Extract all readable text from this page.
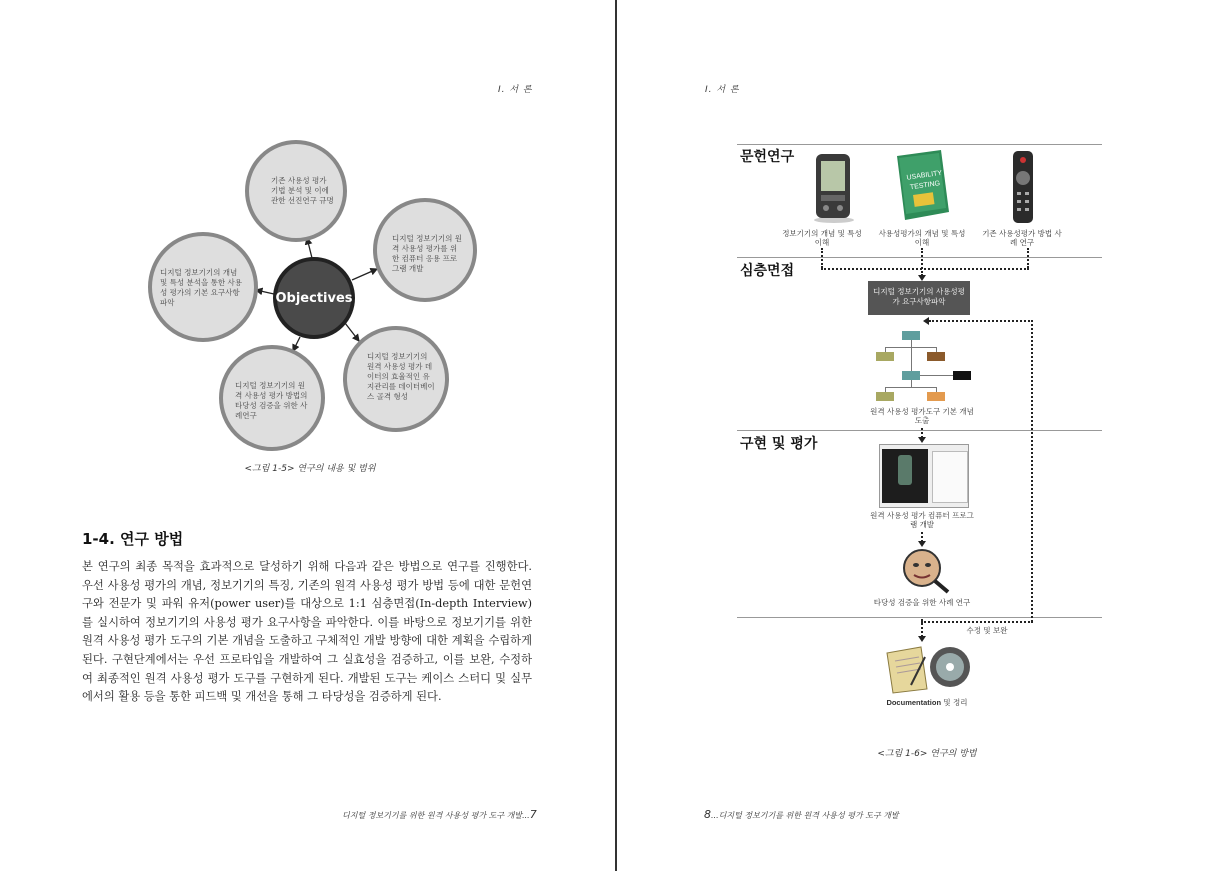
I. 서 론
기존 사용성 평가 기법 분석 및 이에 관한 선진연구 규명
디지털 정보기기의 원격 사용성 평가를 위한 컴퓨터 응용 프로그램 개발
디지털 정보기기의 원격 사용성 평가 데이터의 효율적인 유지관리를 데이터베이스 골격 형성
디지털 정보기기의 원격 사용성 평가 방법의 타당성 검증을 위한 사례연구
디지털 정보기기의 개념 및 특성 분석을 통한 사용성 평가의 기본 요구사항 파악	Objectives
<그림 1-5> 연구의 내용 및 범위
1-4. 연구 방법
본 연구의 최종 목적을 효과적으로 달성하기 위해 다음과 같은 방법으로 연구를 진행한다. 우선 사용성 평가의 개념, 정보기기의 특징, 기존의 원격 사용성 평가 방법 등에 대한 문헌연구와 전문가 및 파워 유저(power user)를 대상으로 1:1 심층면접(In-depth Interview)를 실시하여 정보기기의 사용성 평가 요구사항을 파악한다. 이를 바탕으로 정보기기를 위한 원격 사용성 평가 도구의 기본 개념을 도출하고 구체적인 개발 방향에 대한 계획을 수립하게 된다. 구현단계에서는 우선 프로타입을 개발하여 그 실효성을 검증하고, 이를 보완, 수정하여 최종적인 원격 사용성 평가 도구를 구현하게 된다. 개발된 도구는 케이스 스터디 및 실무에서의 활용 등을 통한 피드백 및 개선을 통해 그 타당성을 검증하게 된다.
디지털 정보기기를 위한 원격 사용성 평가 도구 개발...7
I. 서 론
문헌연구
심층면접
구현 및 평가
USABILITY
TESTING
정보기기의 개념 및 특성 이해
사용성평가의 개념 및 특성 이해
기존 사용성평가 방법 사례 연구
디지털 정보기기의 사용성평가 요구사항파악
원격 사용성 평가도구 기본 개념 도출
원격 사용성 평가 컴퓨터 프로그램 개발
타당성 검증을 위한 사례 연구
수정 및 보완
Documentation 및 정리
<그림 1-6> 연구의 방법
8...디지털 정보기기를 위한 원격 사용성 평가 도구 개발
